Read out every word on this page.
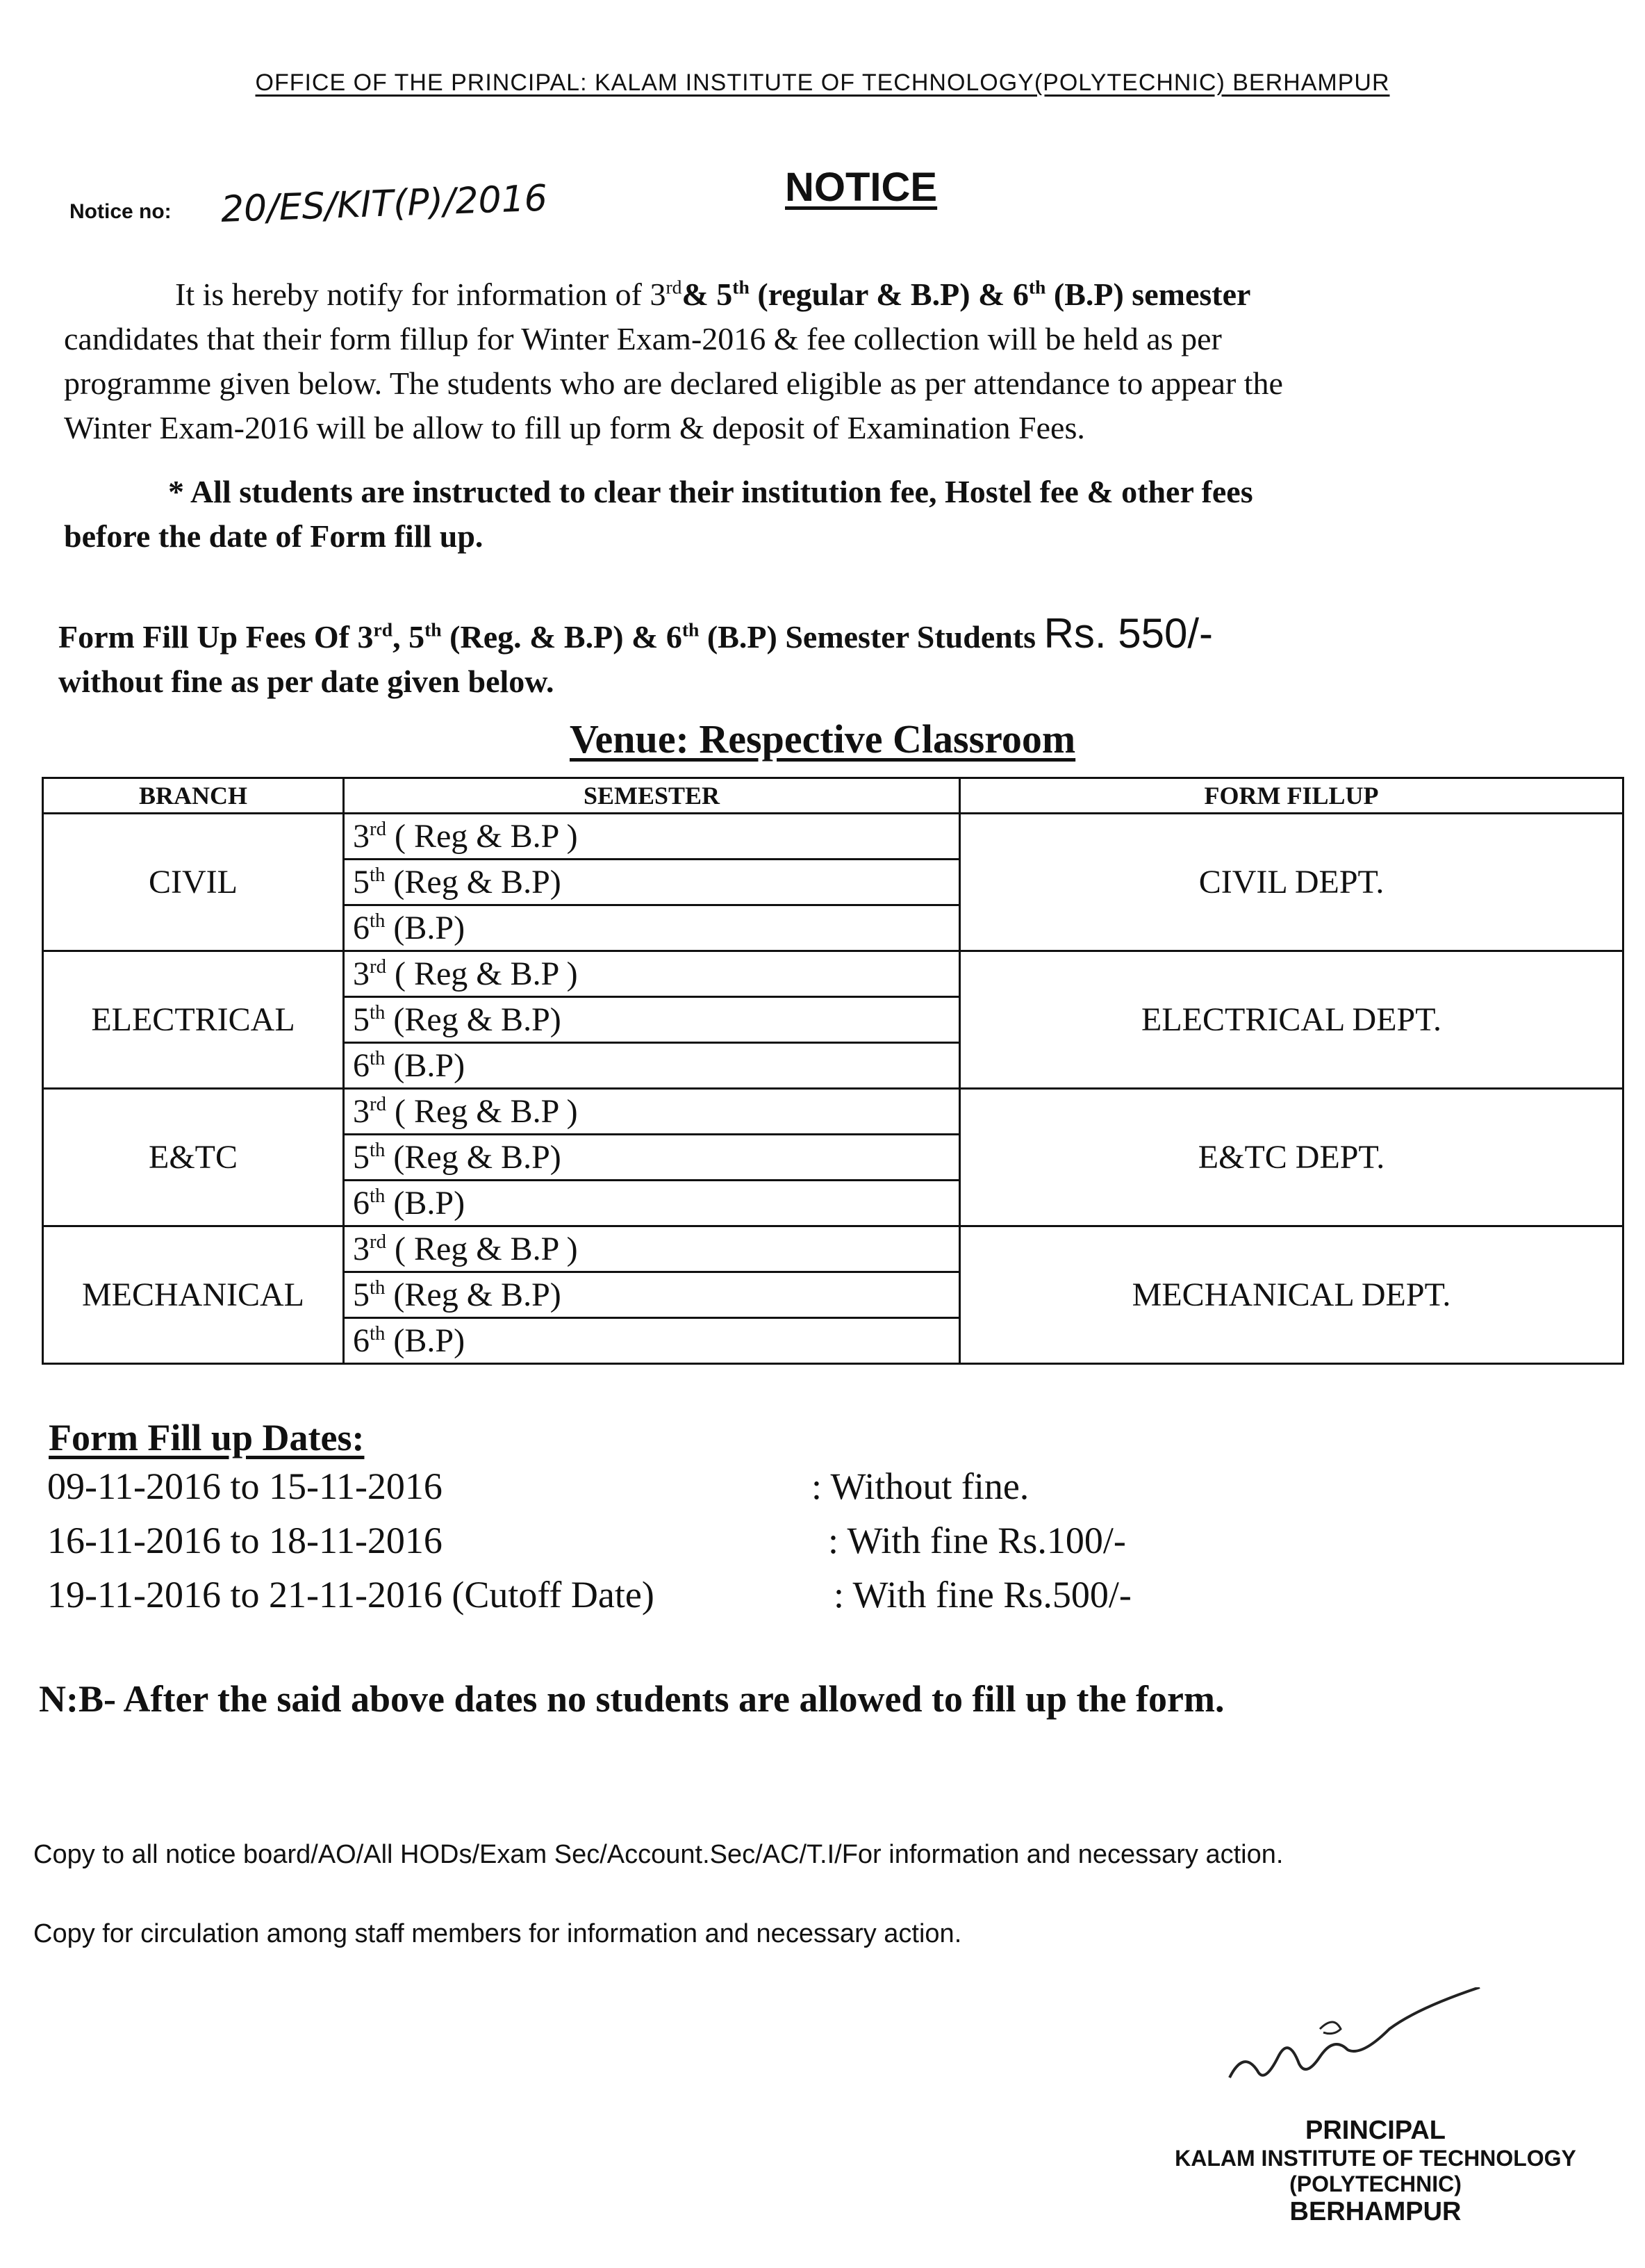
OFFICE OF THE PRINCIPAL: KALAM INSTITUTE OF TECHNOLOGY(POLYTECHNIC) BERHAMPUR
Notice no: 20/ES/KIT(P)/2016	NOTICE

It is hereby notify for information of 3rd& 5th (regular & B.P) & 6th (B.P) semester

candidates that their form fillup for Winter Exam-2016 & fee collection will be held as per

programme given below. The students who are declared eligible as per attendance to appear the

Winter Exam-2016 will be allow to fill up form & deposit of Examination Fees.

* All students are instructed to clear their institution fee, Hostel fee & other fees

before the date of Form fill up.

Form Fill Up Fees Of 3rd, 5th (Reg. & B.P) & 6th (B.P) Semester Students Rs. 550/-
without fine as per date given below.
Venue: Respective Classroom
BRANCH	SEMESTER	FORM FILLUP
CIVIL	3rd ( Reg & B.P )	CIVIL DEPT.
	5th (Reg & B.P)	
	6th (B.P)	
ELECTRICAL	3rd ( Reg & B.P )	ELECTRICAL DEPT.
	5th (Reg & B.P)	
	6th (B.P)	
E&TC	3rd ( Reg & B.P )	E&TC DEPT.
	5th (Reg & B.P)	
	6th (B.P)	
MECHANICAL	3rd ( Reg & B.P )	MECHANICAL DEPT.
	5th (Reg & B.P)	
	6th (B.P)	
Form Fill up Dates:
09-11-2016 to 15-11-2016	: Without fine.
16-11-2016 to 18-11-2016	: With fine Rs.100/-
19-11-2016 to 21-11-2016 (Cutoff Date)	: With fine Rs.500/-
N:B- After the said above dates no students are allowed to fill up the form.
Copy to all notice board/AO/All HODs/Exam Sec/Account.Sec/AC/T.I/For information and necessary action.
Copy for circulation among staff members for information and necessary action.
PRINCIPAL
KALAM INSTITUTE OF TECHNOLOGY (POLYTECHNIC)
BERHAMPUR
